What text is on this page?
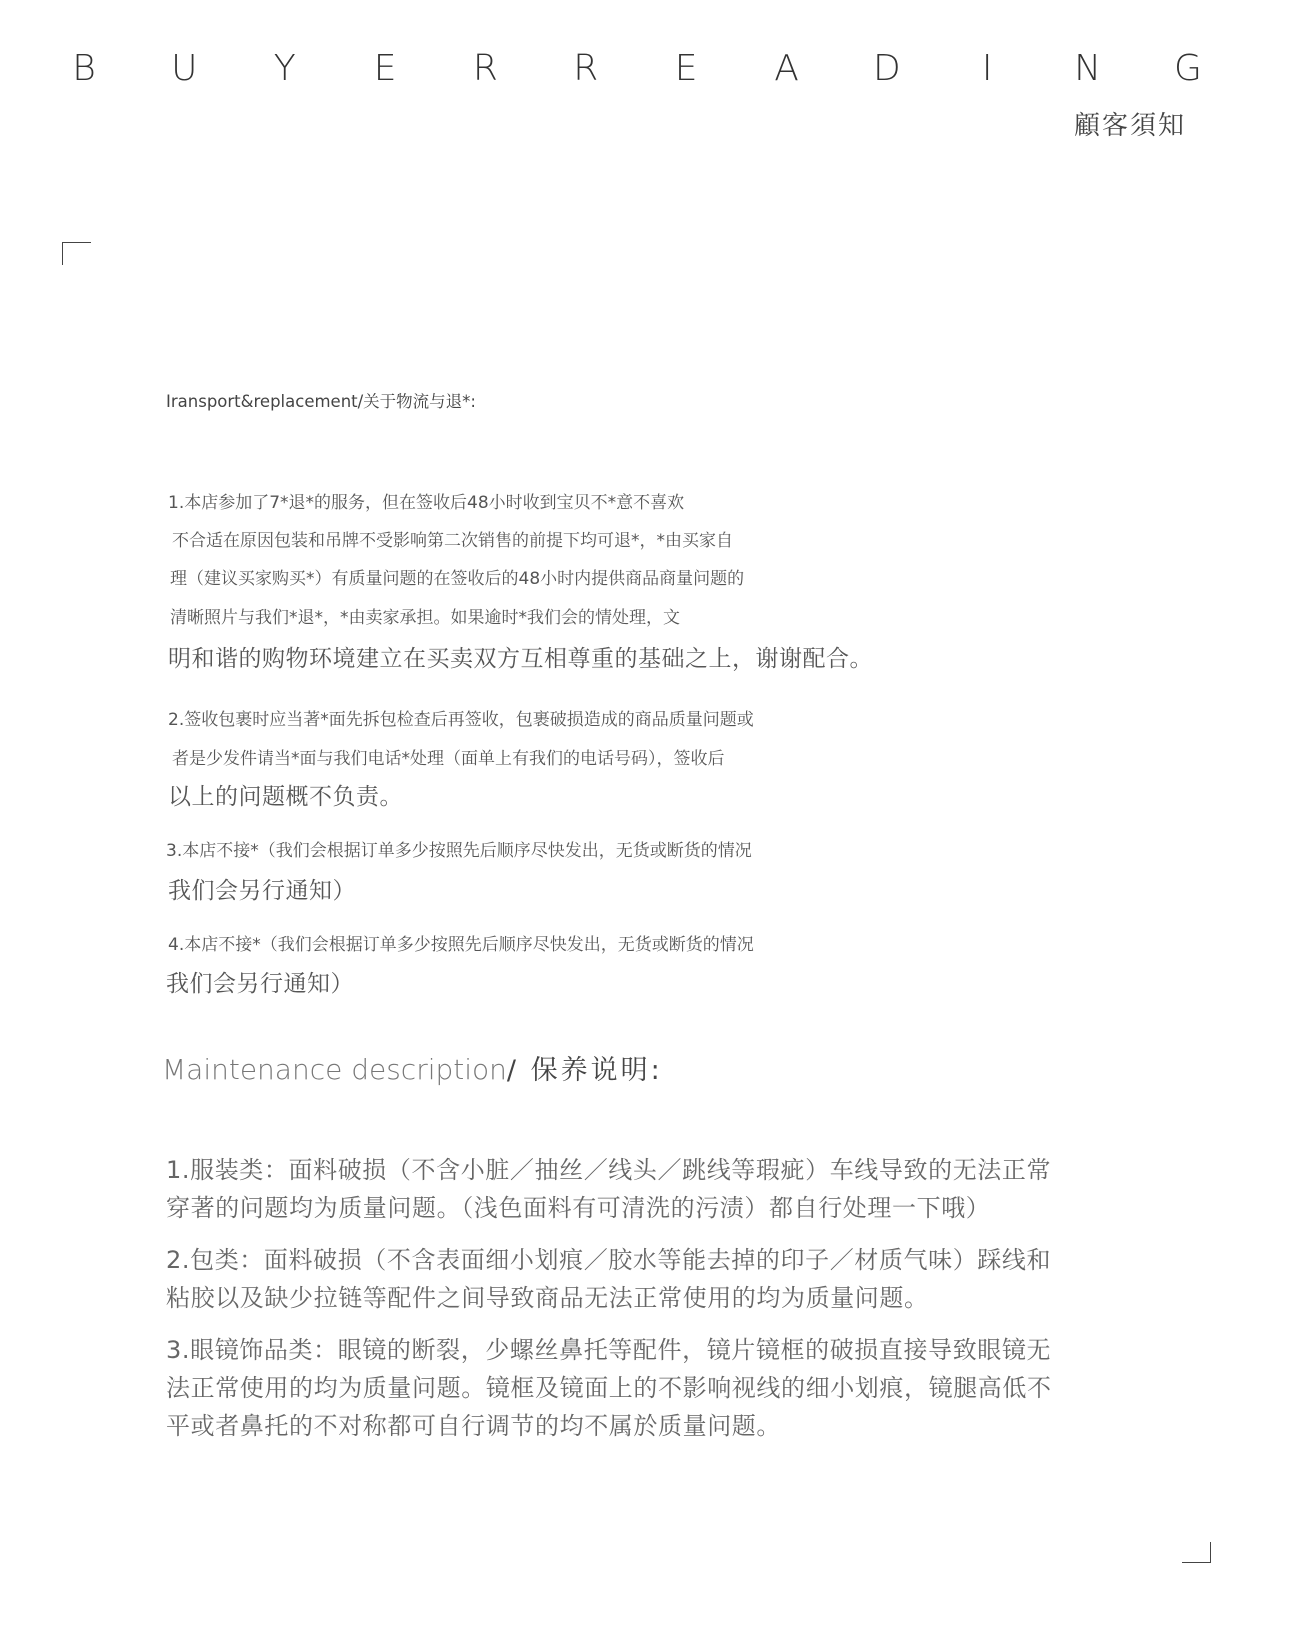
B U Y E R R E A D	I	N G
顧客須知
Iransport&replacement/关于物流与退*:
1.本店参加了7*退*的服务，但在签收后48小时收到宝贝不*意不喜欢
不合适在原因包装和吊牌不受影响第二次销售的前提下均可退*，*由买家自
理（建议买家购买*）有质量问题的在签收后的48小时内提供商品商量问题的
清晰照片与我们*退*，*由卖家承担。如果逾时*我们会的情处理，文
明和谐的购物环境建立在买卖双方互相尊重的基础之上，谢谢配合。
2.签收包裹时应当著*面先拆包检查后再签收，包裹破损造成的商品质量问题或
者是少发件请当*面与我们电话*处理（面单上有我们的电话号码），签收后
以上的问题概不负责。
3.本店不接*（我们会根据订单多少按照先后顺序尽快发出，无货或断货的情况
我们会另行通知）
4.本店不接*（我们会根据订单多少按照先后顺序尽快发出，无货或断货的情况
我们会另行通知）
Maintenance description/ 保养说明:
1.服装类：面料破损（不含小脏／抽丝／线头／跳线等瑕疵）车线导致的无法正常
穿著的问题均为质量问题。（浅色面料有可清洗的污渍）都自行处理一下哦）
2.包类：面料破损（不含表面细小划痕／胶水等能去掉的印子／材质气味）踩线和
粘胶以及缺少拉链等配件之间导致商品无法正常使用的均为质量问题。
3.眼镜饰品类：眼镜的断裂，少螺丝鼻托等配件，镜片镜框的破损直接导致眼镜无
法正常使用的均为质量问题。镜框及镜面上的不影响视线的细小划痕，镜腿高低不
平或者鼻托的不对称都可自行调节的均不属於质量问题。
